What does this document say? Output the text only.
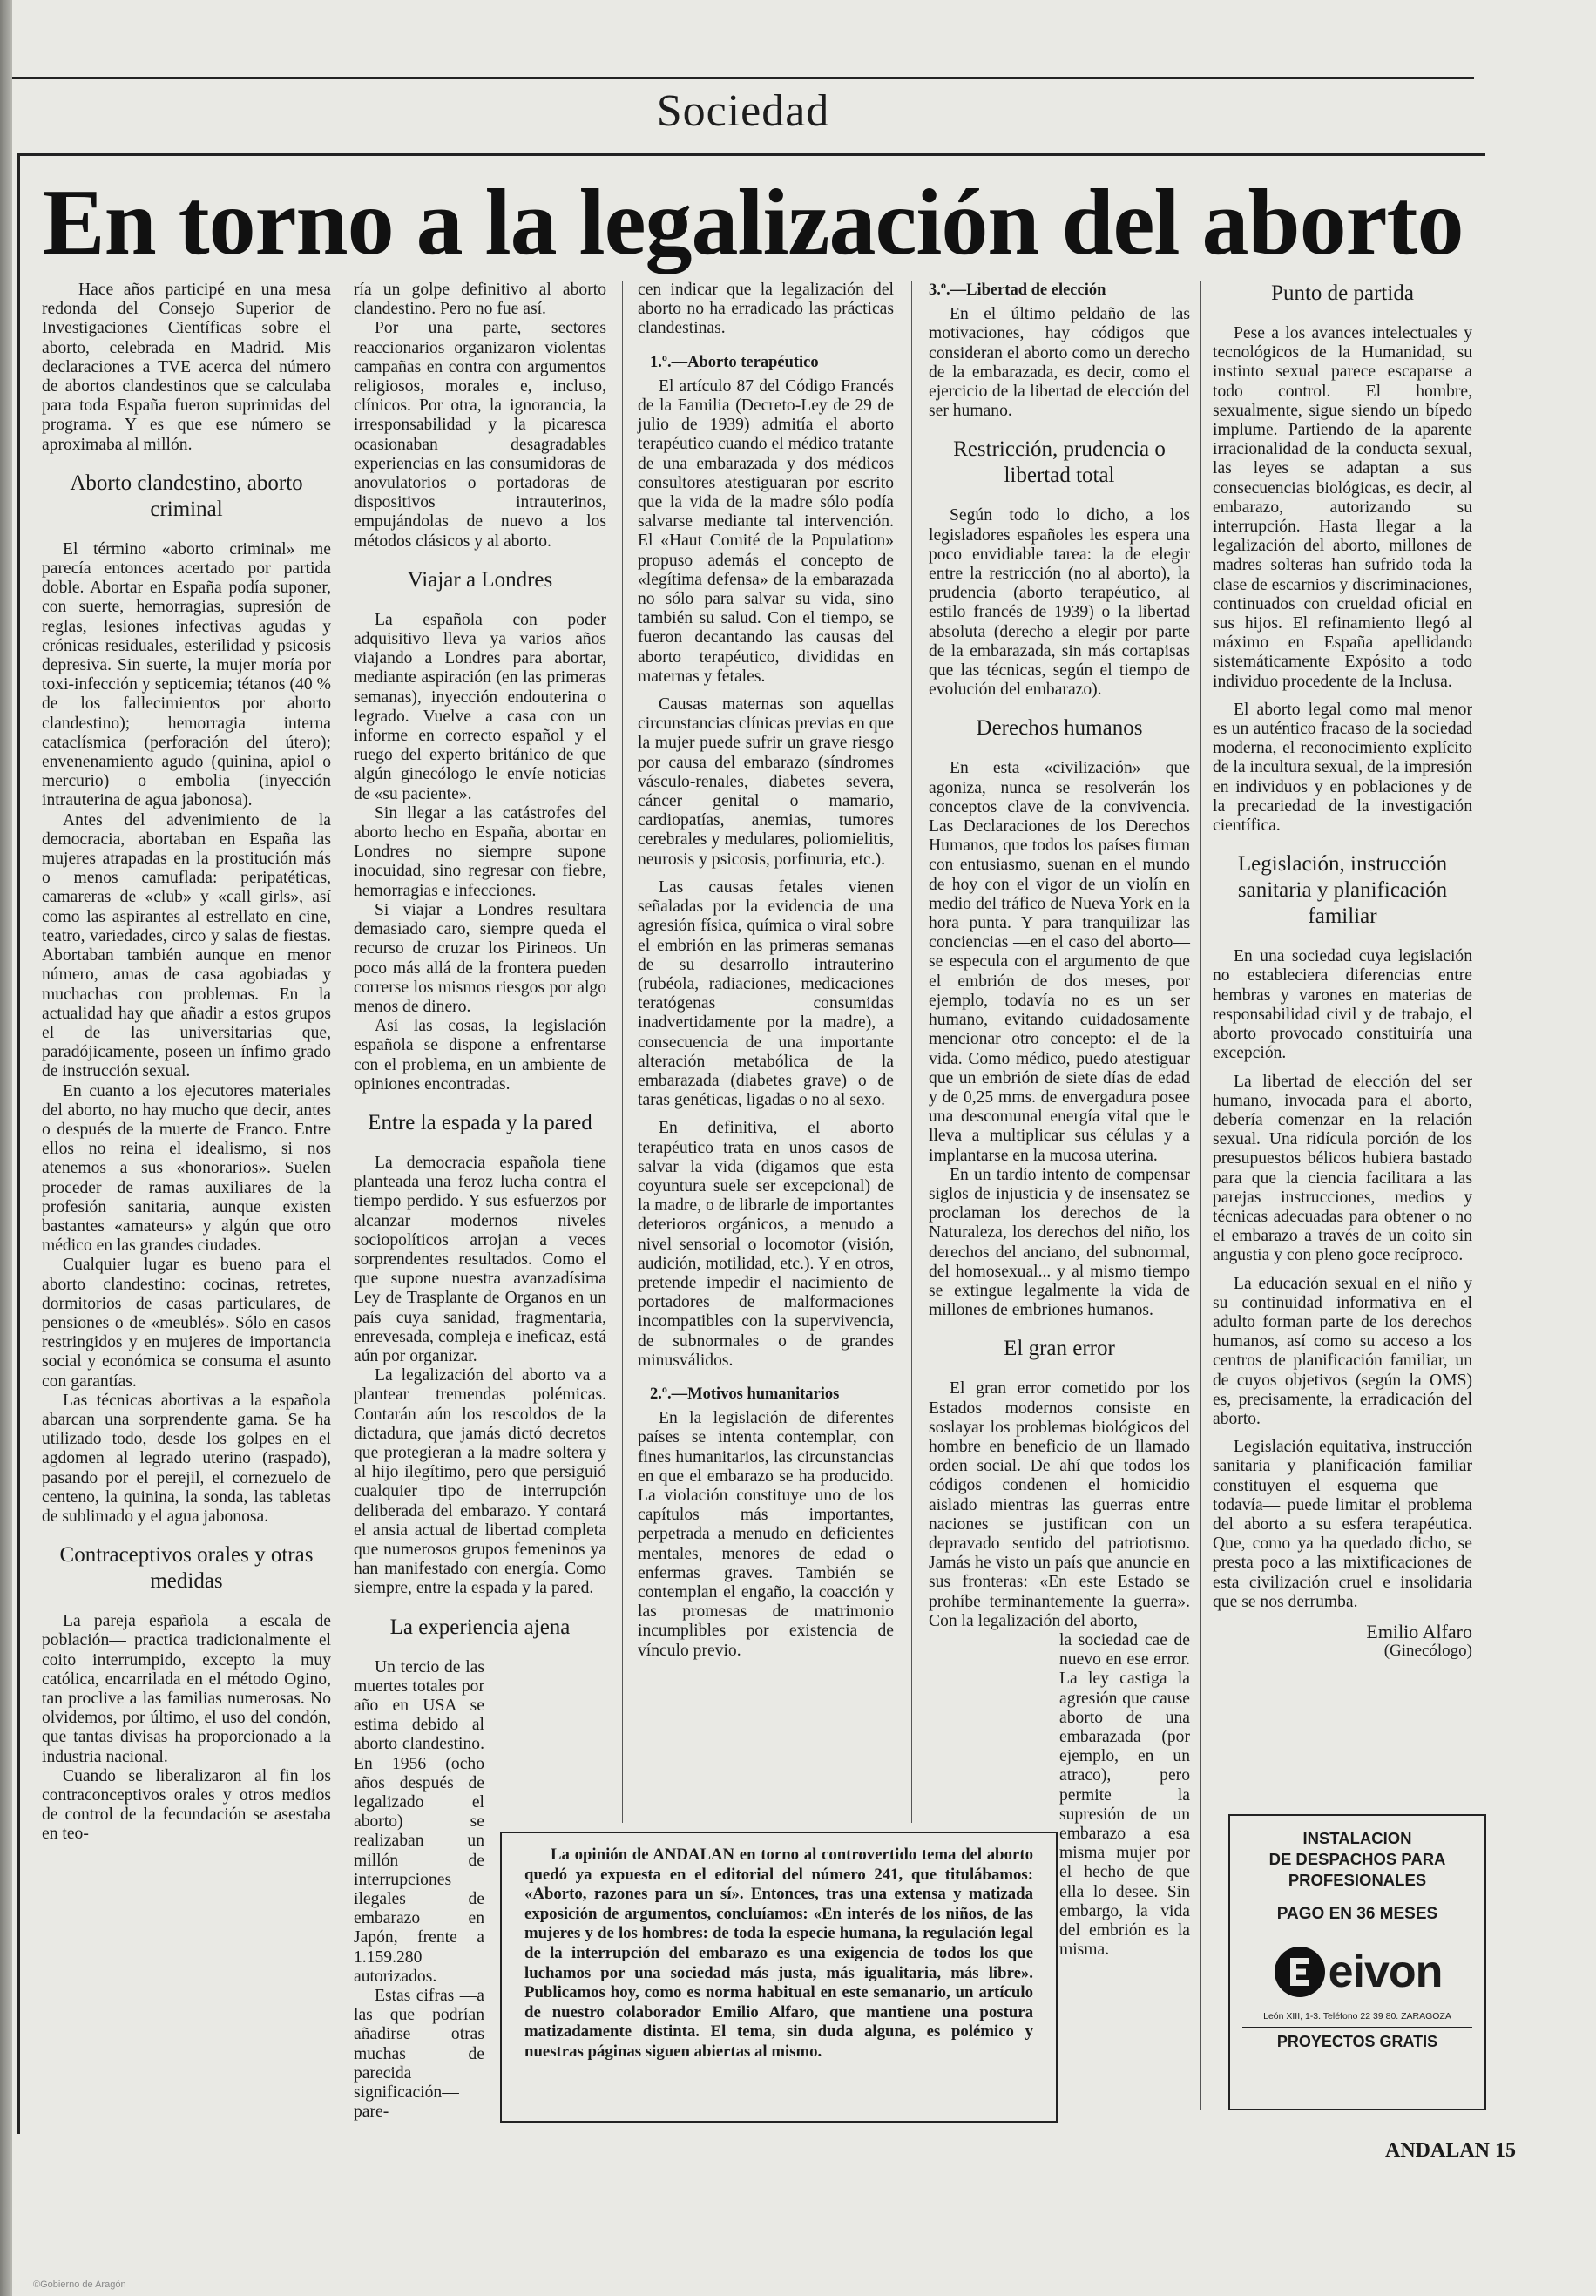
Sociedad
En torno a la legalización del aborto

Hace años participé en una mesa redonda del Consejo Superior de Investigaciones Científicas sobre el aborto, celebrada en Madrid. Mis declaraciones a TVE acerca del número de abortos clandestinos que se calculaba para toda España fueron suprimidas del programa. Y es que ese número se aproximaba al millón.

Aborto clandestino, aborto criminal

El término «aborto criminal» me parecía entonces acertado por partida doble. Abortar en España podía suponer, con suerte, hemorragias, supresión de reglas, lesiones infectivas agudas y crónicas residuales, esterilidad y psicosis depresiva. Sin suerte, la mujer moría por toxi-infección y septicemia; tétanos (40 % de los fallecimientos por aborto clandestino); hemorragia interna cataclísmica (perforación del útero); envenenamiento agudo (quinina, apiol o mercurio) o embolia (inyección intrauterina de agua jabonosa).

Antes del advenimiento de la democracia, abortaban en España las mujeres atrapadas en la prostitución más o menos camuflada: peripatéticas, camareras de «club» y «call girls», así como las aspirantes al estrellato en cine, teatro, variedades, circo y salas de fiestas. Abortaban también aunque en menor número, amas de casa agobiadas y muchachas con problemas. En la actualidad hay que añadir a estos grupos el de las universitarias que, paradójicamente, poseen un ínfimo grado de instrucción sexual.

En cuanto a los ejecutores materiales del aborto, no hay mucho que decir, antes o después de la muerte de Franco. Entre ellos no reina el idealismo, si nos atenemos a sus «honorarios». Suelen proceder de ramas auxiliares de la profesión sanitaria, aunque existen bastantes «amateurs» y algún que otro médico en las grandes ciudades.

Cualquier lugar es bueno para el aborto clandestino: cocinas, retretes, dormitorios de casas particulares, de pensiones o de «meublés». Sólo en casos restringidos y en mujeres de importancia social y económica se consuma el asunto con garantías.

Las técnicas abortivas a la española abarcan una sorprendente gama. Se ha utilizado todo, desde los golpes en el agdomen al legrado uterino (raspado), pasando por el perejil, el cornezuelo de centeno, la quinina, la sonda, las tabletas de sublimado y el agua jabonosa.

Contraceptivos orales y otras medidas

La pareja española —a escala de población— practica tradicionalmente el coito interrumpido, excepto la muy católica, encarrilada en el método Ogino, tan proclive a las familias numerosas. No olvidemos, por último, el uso del condón, que tantas divisas ha proporcionado a la industria nacional.

Cuando se liberalizaron al fin los contraconceptivos orales y otros medios de control de la fecundación se asestaba en teo-

ría un golpe definitivo al aborto clandestino. Pero no fue así.

Por una parte, sectores reaccionarios organizaron violentas campañas en contra con argumentos religiosos, morales e, incluso, clínicos. Por otra, la ignorancia, la irresponsabilidad y la picaresca ocasionaban desagradables experiencias en las consumidoras de anovulatorios o portadoras de dispositivos intrauterinos, empujándolas de nuevo a los métodos clásicos y al aborto.

Viajar a Londres

La española con poder adquisitivo lleva ya varios años viajando a Londres para abortar, mediante aspiración (en las primeras semanas), inyección endouterina o legrado. Vuelve a casa con un informe en correcto español y el ruego del experto británico de que algún ginecólogo le envíe noticias de «su paciente».

Sin llegar a las catástrofes del aborto hecho en España, abortar en Londres no siempre supone inocuidad, sino regresar con fiebre, hemorragias e infecciones.

Si viajar a Londres resultara demasiado caro, siempre queda el recurso de cruzar los Pirineos. Un poco más allá de la frontera pueden correrse los mismos riesgos por algo menos de dinero.

Así las cosas, la legislación española se dispone a enfrentarse con el problema, en un ambiente de opiniones encontradas.

Entre la espada y la pared

La democracia española tiene planteada una feroz lucha contra el tiempo perdido. Y sus esfuerzos por alcanzar modernos niveles sociopolíticos arrojan a veces sorprendentes resultados. Como el que supone nuestra avanzadísima Ley de Trasplante de Organos en un país cuya sanidad, fragmentaria, enrevesada, compleja e ineficaz, está aún por organizar.

La legalización del aborto va a plantear tremendas polémicas. Contarán aún los rescoldos de la dictadura, que jamás dictó decretos que protegieran a la madre soltera y al hijo ilegítimo, pero que persiguió cualquier tipo de interrupción deliberada del embarazo. Y contará el ansia actual de libertad completa que numerosos grupos femeninos ya han manifestado con energía. Como siempre, entre la espada y la pared.

La experiencia ajena

Un tercio de las muertes totales por año en USA se estima debido al aborto clandestino. En 1956 (ocho años después de legalizado el aborto) se realizaban un millón de interrupciones ilegales de embarazo en Japón, frente a 1.159.280 autorizados.

Estas cifras —a las que podrían añadirse otras muchas de parecida significación— pare-

cen indicar que la legalización del aborto no ha erradicado las prácticas clandestinas.

1.º.—Aborto terapéutico

El artículo 87 del Código Francés de la Familia (Decreto-Ley de 29 de julio de 1939) admitía el aborto terapéutico cuando el médico tratante de una embarazada y dos médicos consultores atestiguaran por escrito que la vida de la madre sólo podía salvarse mediante tal intervención. El «Haut Comité de la Population» propuso además el concepto de «legítima defensa» de la embarazada no sólo para salvar su vida, sino también su salud. Con el tiempo, se fueron decantando las causas del aborto terapéutico, divididas en maternas y fetales.

Causas maternas son aquellas circunstancias clínicas previas en que la mujer puede sufrir un grave riesgo por causa del embarazo (síndromes vásculo-renales, diabetes severa, cáncer genital o mamario, cardiopatías, anemias, tumores cerebrales y medulares, poliomielitis, neurosis y psicosis, porfinuria, etc.).

Las causas fetales vienen señaladas por la evidencia de una agresión física, química o viral sobre el embrión en las primeras semanas de su desarrollo intrauterino (rubéola, radiaciones, medicaciones teratógenas consumidas inadvertidamente por la madre), a consecuencia de una importante alteración metabólica de la embarazada (diabetes grave) o de taras genéticas, ligadas o no al sexo.

En definitiva, el aborto terapéutico trata en unos casos de salvar la vida (digamos que esta coyuntura suele ser excepcional) de la madre, o de librarle de importantes deterioros orgánicos, a menudo a nivel sensorial o locomotor (visión, audición, motilidad, etc.). Y en otros, pretende impedir el nacimiento de portadores de malformaciones incompatibles con la supervivencia, de subnormales o de grandes minusválidos.

2.º.—Motivos humanitarios

En la legislación de diferentes países se intenta contemplar, con fines humanitarios, las circunstancias en que el embarazo se ha producido. La violación constituye uno de los capítulos más importantes, perpetrada a menudo en deficientes mentales, menores de edad o enfermas graves. También se contemplan el engaño, la coacción y las promesas de matrimonio incumplibles por existencia de vínculo previo.

3.º.—Libertad de elección

En el último peldaño de las motivaciones, hay códigos que consideran el aborto como un derecho de la embarazada, es decir, como el ejercicio de la libertad de elección del ser humano.

Restricción, prudencia o libertad total

Según todo lo dicho, a los legisladores españoles les espera una poco envidiable tarea: la de elegir entre la restricción (no al aborto), la prudencia (aborto terapéutico, al estilo francés de 1939) o la libertad absoluta (derecho a elegir por parte de la embarazada, sin más cortapisas que las técnicas, según el tiempo de evolución del embarazo).

Derechos humanos

En esta «civilización» que agoniza, nunca se resolverán los conceptos clave de la convivencia. Las Declaraciones de los Derechos Humanos, que todos los países firman con entusiasmo, suenan en el mundo de hoy con el vigor de un violín en medio del tráfico de Nueva York en la hora punta. Y para tranquilizar las conciencias —en el caso del aborto— se especula con el argumento de que el embrión de dos meses, por ejemplo, todavía no es un ser humano, evitando cuidadosamente mencionar otro concepto: el de la vida. Como médico, puedo atestiguar que un embrión de siete días de edad y de 0,25 mms. de envergadura posee una descomunal energía vital que le lleva a multiplicar sus células y a implantarse en la mucosa uterina.

En un tardío intento de compensar siglos de injusticia y de insensatez se proclaman los derechos de la Naturaleza, los derechos del niño, los derechos del anciano, del subnormal, del homosexual... y al mismo tiempo se extingue legalmente la vida de millones de embriones humanos.

El gran error

El gran error cometido por los Estados modernos consiste en soslayar los problemas biológicos del hombre en beneficio de un llamado orden social. De ahí que todos los códigos condenen el homicidio aislado mientras las guerras entre naciones se justifican con un depravado sentido del patriotismo. Jamás he visto un país que anuncie en sus fronteras: «En este Estado se prohíbe terminantemente la guerra». Con la legalización del aborto,

la sociedad cae de nuevo en ese error. La ley castiga la agresión que cause aborto de una embarazada (por ejemplo, en un atraco), pero permite la supresión de un embarazo a esa misma mujer por el hecho de que ella lo desee. Sin embargo, la vida del embrión es la misma.

Punto de partida

Pese a los avances intelectuales y tecnológicos de la Humanidad, su instinto sexual parece escaparse a todo control. El hombre, sexualmente, sigue siendo un bípedo implume. Partiendo de la aparente irracionalidad de la conducta sexual, las leyes se adaptan a sus consecuencias biológicas, es decir, al embarazo, autorizando su interrupción. Hasta llegar a la legalización del aborto, millones de madres solteras han sufrido toda la clase de escarnios y discriminaciones, continuados con crueldad oficial en sus hijos. El refinamiento llegó al máximo en España apellidando sistemáticamente Expósito a todo individuo procedente de la Inclusa.

El aborto legal como mal menor es un auténtico fracaso de la sociedad moderna, el reconocimiento explícito de la incultura sexual, de la impresión en individuos y en poblaciones y de la precariedad de la investigación científica.

Legislación, instrucción sanitaria y planificación familiar

En una sociedad cuya legislación no estableciera diferencias entre hembras y varones en materias de responsabilidad civil y de trabajo, el aborto provocado constituiría una excepción.

La libertad de elección del ser humano, invocada para el aborto, debería comenzar en la relación sexual. Una ridícula porción de los presupuestos bélicos hubiera bastado para que la ciencia facilitara a las parejas instrucciones, medios y técnicas adecuadas para obtener o no el embarazo a través de un coito sin angustia y con pleno goce recíproco.

La educación sexual en el niño y su continuidad informativa en el adulto forman parte de los derechos humanos, así como su acceso a los centros de planificación familiar, un de cuyos objetivos (según la OMS) es, precisamente, la erradicación del aborto.

Legislación equitativa, instrucción sanitaria y planificación familiar constituyen el esquema que —todavía— puede limitar el problema del aborto a su esfera terapéutica. Que, como ya ha quedado dicho, se presta poco a las mixtificaciones de esta civilización cruel e insolidaria que se nos derrumba.

Emilio Alfaro
(Ginecólogo)

La opinión de ANDALAN en torno al controvertido tema del aborto quedó ya expuesta en el editorial del número 241, que titulábamos: «Aborto, razones para un sí». Entonces, tras una extensa y matizada exposición de argumentos, concluíamos: «En interés de los niños, de las mujeres y de los hombres: de toda la especie humana, la regulación legal de la interrupción del embarazo es una exigencia de todos los que luchamos por una sociedad más justa, más igualitaria, más libre». Publicamos hoy, como es norma habitual en este semanario, un artículo de nuestro colaborador Emilio Alfaro, que mantiene una postura matizadamente distinta. El tema, sin duda alguna, es polémico y nuestras páginas siguen abiertas al mismo.

INSTALACION
DE DESPACHOS PARA
PROFESIONALES
PAGO EN 36 MESES
eivon
León XIII, 1-3. Teléfono 22 39 80. ZARAGOZA
PROYECTOS GRATIS
ANDALAN 15
©Gobierno de Aragón
